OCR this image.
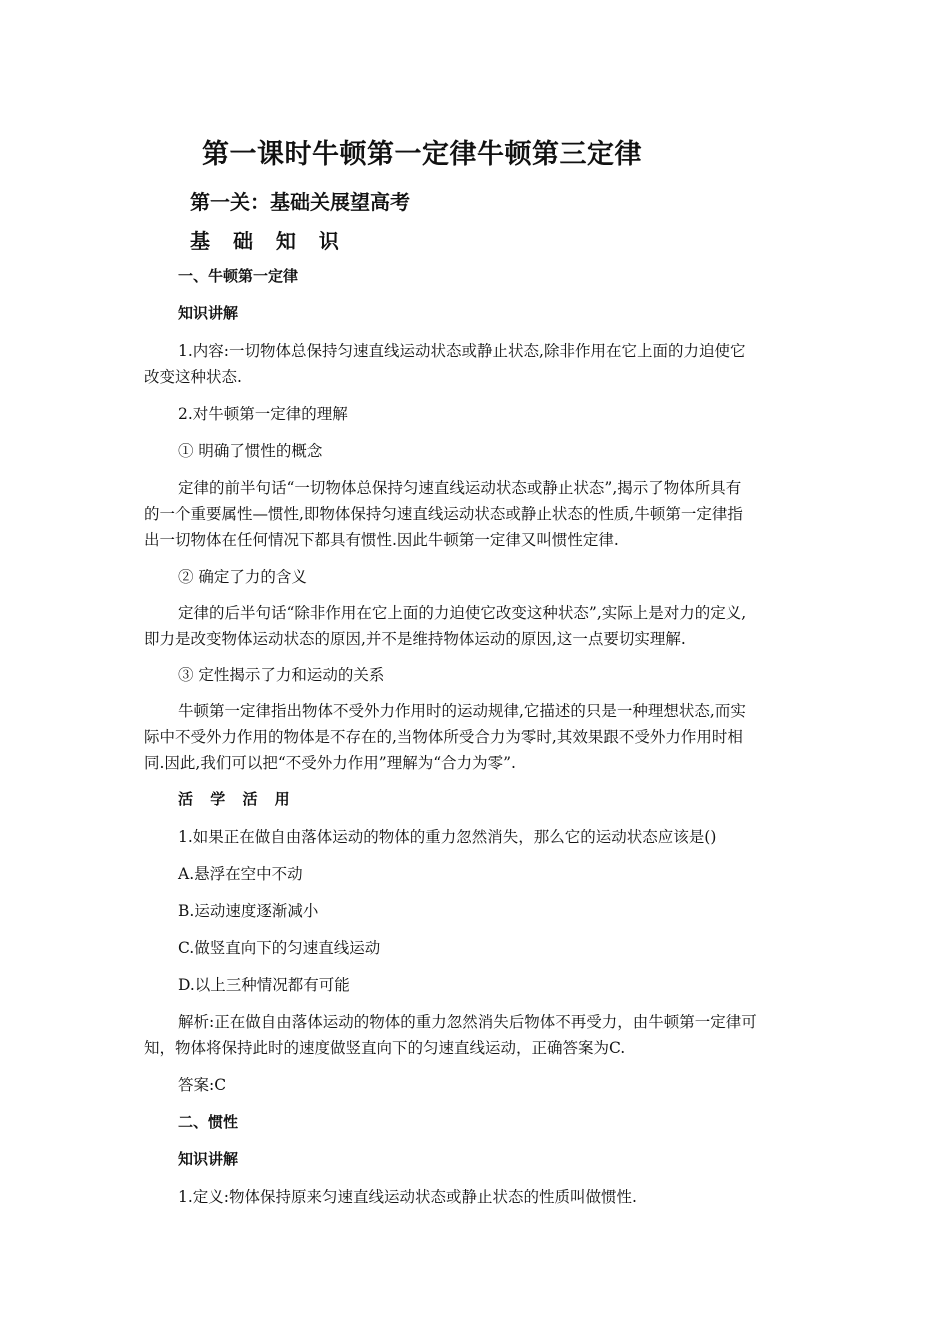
第一课时牛顿第一定律牛顿第三定律
第一关：基础关展望高考
基 础 知 识
一、牛顿第一定律
知识讲解
1.内容:一切物体总保持匀速直线运动状态或静止状态,除非作用在它上面的力迫使它
改变这种状态.
2.对牛顿第一定律的理解
① 明确了惯性的概念
定律的前半句话“一切物体总保持匀速直线运动状态或静止状态”,揭示了物体所具有
的一个重要属性—惯性,即物体保持匀速直线运动状态或静止状态的性质,牛顿第一定律指
出一切物体在任何情况下都具有惯性.因此牛顿第一定律又叫惯性定律.
② 确定了力的含义
定律的后半句话“除非作用在它上面的力迫使它改变这种状态”,实际上是对力的定义,
即力是改变物体运动状态的原因,并不是维持物体运动的原因,这一点要切实理解.
③ 定性揭示了力和运动的关系
牛顿第一定律指出物体不受外力作用时的运动规律,它描述的只是一种理想状态,而实
际中不受外力作用的物体是不存在的,当物体所受合力为零时,其效果跟不受外力作用时相
同.因此,我们可以把“不受外力作用”理解为“合力为零”.
活 学 活 用
1.如果正在做自由落体运动的物体的重力忽然消失，那么它的运动状态应该是()
A.悬浮在空中不动
B.运动速度逐渐减小
C.做竖直向下的匀速直线运动
D.以上三种情况都有可能
解析:正在做自由落体运动的物体的重力忽然消失后物体不再受力，由牛顿第一定律可
知，物体将保持此时的速度做竖直向下的匀速直线运动，正确答案为C.
答案:C
二、惯性
知识讲解
1.定义:物体保持原来匀速直线运动状态或静止状态的性质叫做惯性.
